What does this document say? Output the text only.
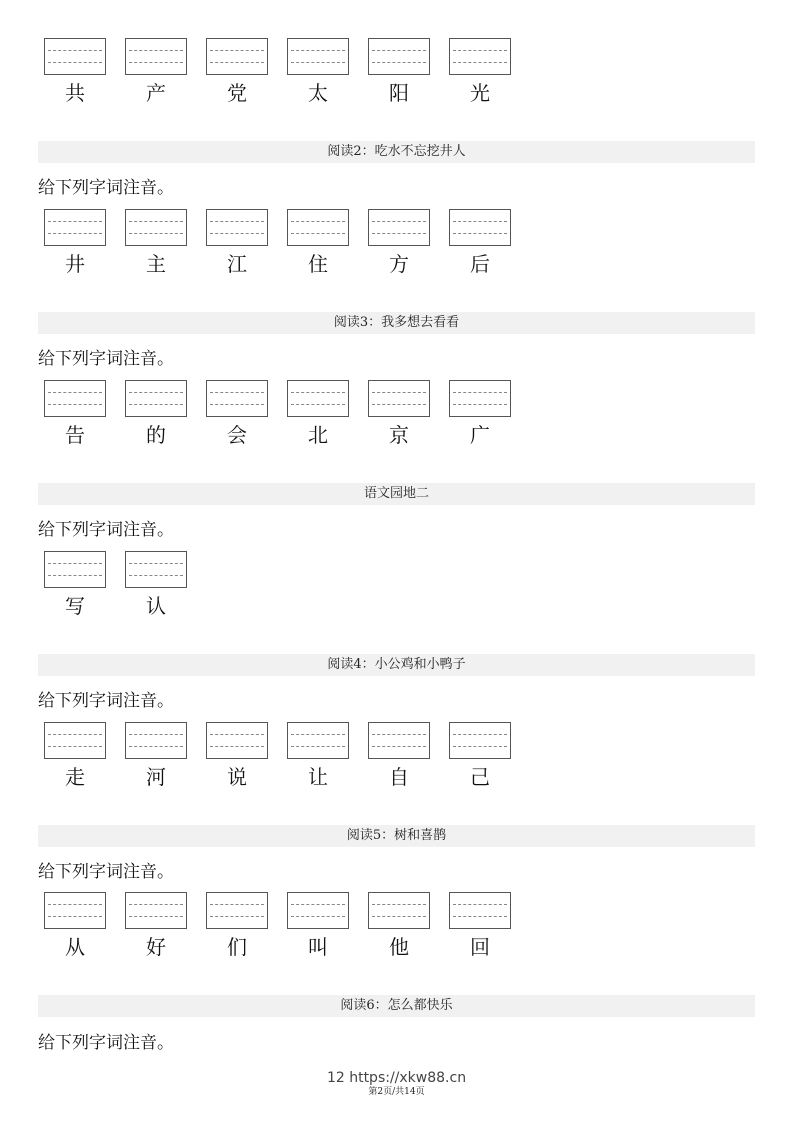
共	产	党	太	阳	光
阅读2：吃水不忘挖井人
给下列字词注音。
井	主	江	住	方	后
阅读3：我多想去看看
给下列字词注音。
告	的	会	北	京	广
语文园地二
给下列字词注音。
写	认
阅读4：小公鸡和小鸭子
给下列字词注音。
走	河	说	让	自	己
阅读5：树和喜鹊
给下列字词注音。
从	好	们	叫	他	回
阅读6：怎么都快乐
给下列字词注音。
12 https://xkw88.cn
第2页/共14页
